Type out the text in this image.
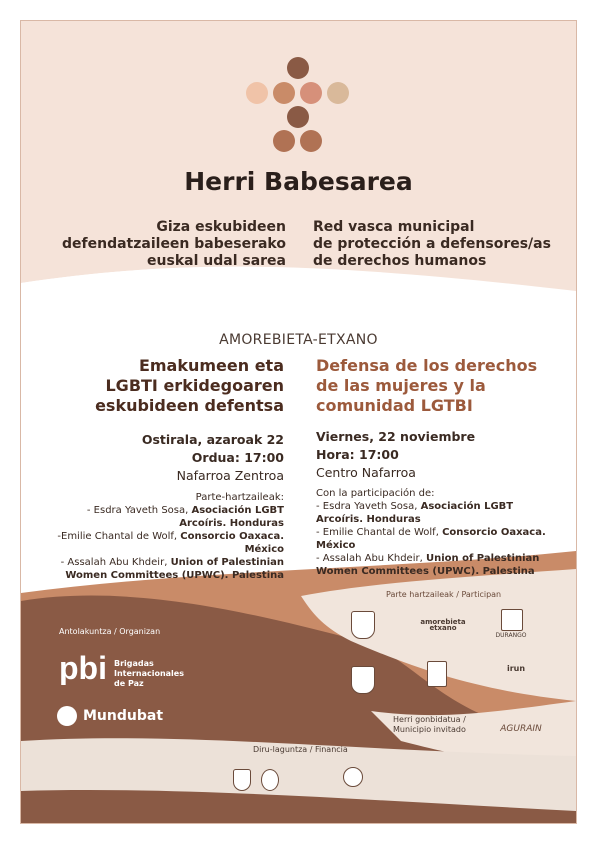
Herri Babesarea
Giza eskubideen
defendatzaileen babeserako
euskal udal sarea
Red vasca municipal
de protección a defensores/as
de derechos humanos
AMOREBIETA-ETXANO
Emakumeen eta
LGBTI erkidegoaren
eskubideen defentsa
Defensa de los derechos
de las mujeres y la
comunidad LGTBI
Ostirala, azaroak 22
Ordua: 17:00
Nafarroa Zentroa
Viernes, 22 noviembre
Hora: 17:00
Centro Nafarroa
Parte-hartzaileak:
- Esdra Yaveth Sosa, Asociación LGBT
Arcoíris. Honduras
-Emilie Chantal de Wolf, Consorcio Oaxaca.
México
- Assalah Abu Khdeir, Union of Palestinian
Women Committees (UPWC). Palestina
Con la participación de:
- Esdra Yaveth Sosa, Asociación LGBT
Arcoíris. Honduras
- Emilie Chantal de Wolf, Consorcio Oaxaca.
México
- Assalah Abu Khdeir, Union of Palestinian
Women Committees (UPWC). Palestina
Antolakuntza / Organizan
Parte hartzaileak / Participan
Herri gonbidatua /
Municipio invitado
Diru-laguntza / Financia
pbi Brigadas
Internacionales
de Paz
Mundubat
amorebieta
etxano
DURANGO
irun
AGURAIN
